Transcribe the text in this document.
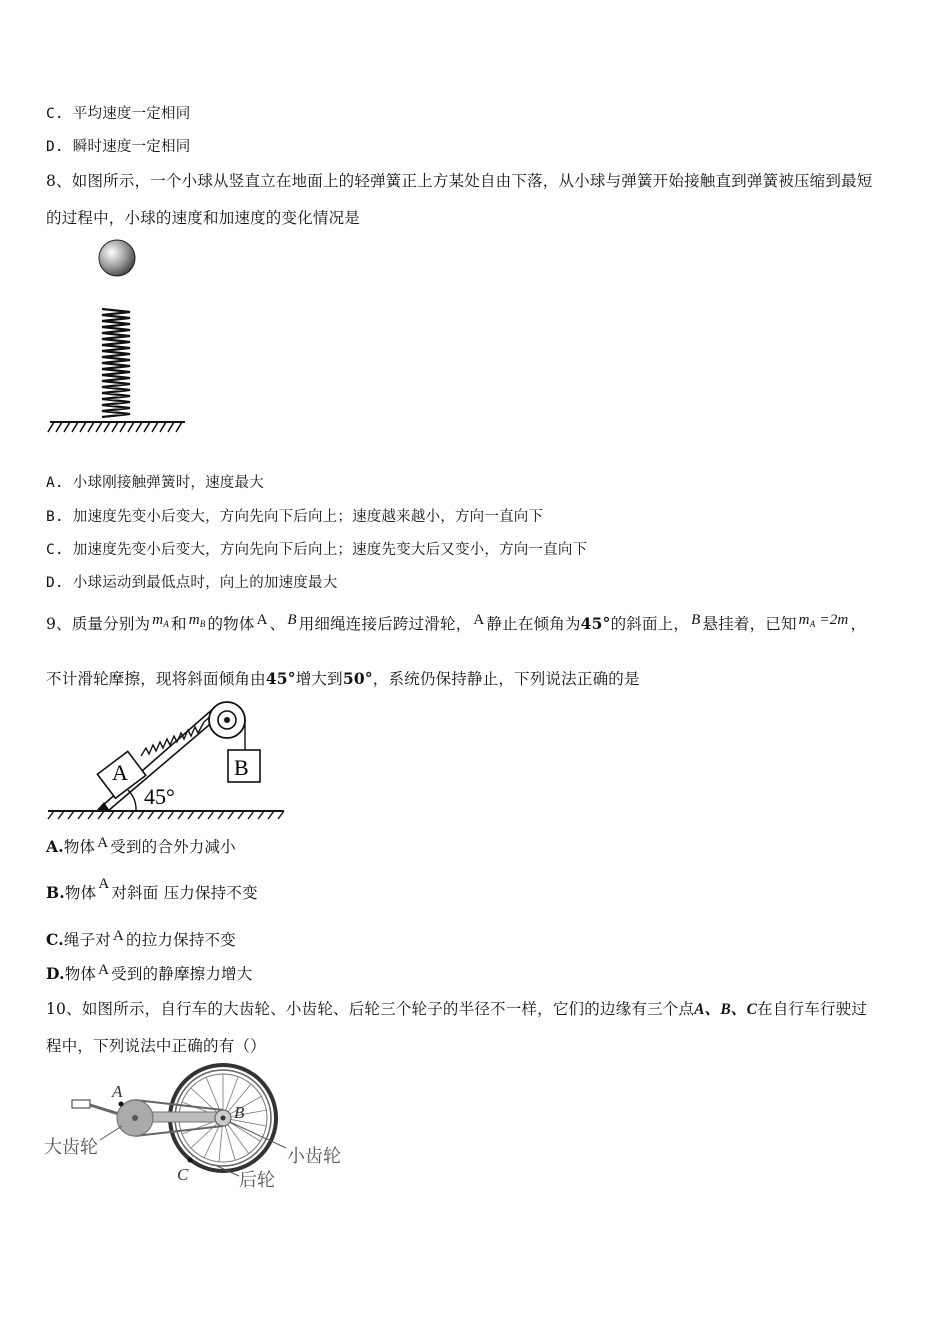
C. 平均速度一定相同
D. 瞬时速度一定相同
8、如图所示，一个小球从竖直立在地面上的轻弹簧正上方某处自由下落，从小球与弹簧开始接触直到弹簧被压缩到最短
的过程中，小球的速度和加速度的变化情况是
A. 小球刚接触弹簧时，速度最大
B. 加速度先变小后变大，方向先向下后向上；速度越来越小，方向一直向下
C. 加速度先变小后变大，方向先向下后向上；速度先变大后又变小，方向一直向下
D. 小球运动到最低点时，向上的加速度最大
9、质量分别为 $m_A$ 和 $m_B$ 的物体 A 、 B 用细绳连接后跨过滑轮， A 静止在倾角为45°的斜面上， B 悬挂着，已知 $m_A =2m$ ，
不计滑轮摩擦，现将斜面倾角由45°增大到50°，系统仍保持静止，下列说法正确的是
45°
A	B
A.物体 A 受到的合外力减小
B.物体 A 对斜面 压力保持不变
C.绳子对 A 的拉力保持不变
D.物体 A 受到的静摩擦力增大
10、如图所示，自行车的大齿轮、小齿轮、后轮三个轮子的半径不一样，它们的边缘有三个点A、B、C在自行车行驶过
程中，下列说法中正确的有（）
A
B
C
大齿轮	小齿轮
后轮
